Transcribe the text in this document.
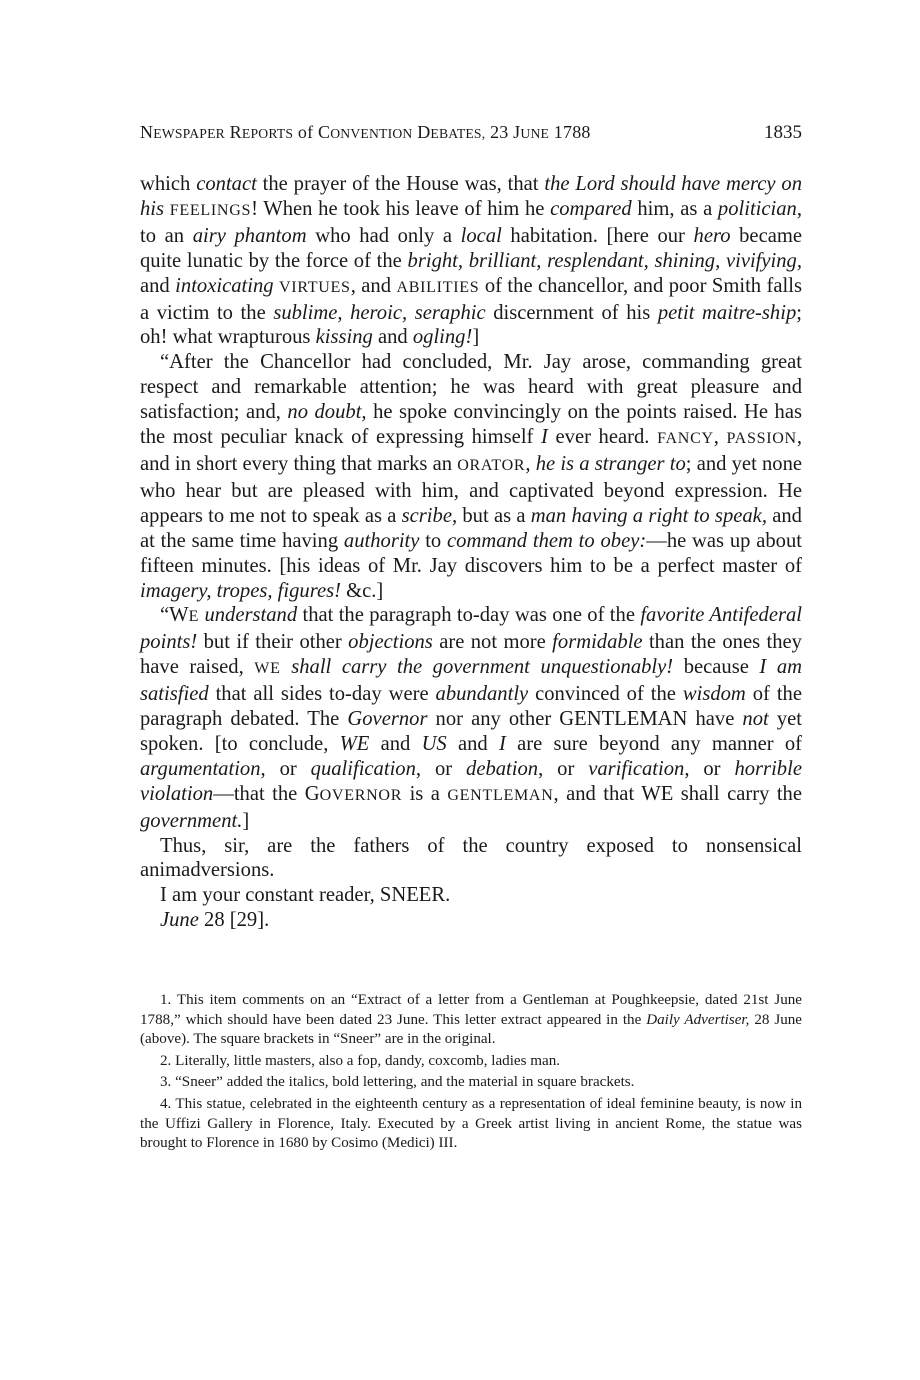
NEWSPAPER REPORTS of CONVENTION DEBATES, 23 JUNE 1788	1835

which contact the prayer of the House was, that the Lord should have mercy on his FEELINGS! When he took his leave of him he compared him, as a politician, to an airy phantom who had only a local habitation. [here our hero became quite lunatic by the force of the bright, brilliant, resplendant, shining, vivifying, and intoxicating VIRTUES, and ABILITIES of the chancellor, and poor Smith falls a victim to the sublime, heroic, seraphic discernment of his petit maitre-ship; oh! what wrapturous kissing and ogling!]

“After the Chancellor had concluded, Mr. Jay arose, commanding great respect and remarkable attention; he was heard with great pleasure and satisfaction; and, no doubt, he spoke convincingly on the points raised. He has the most peculiar knack of expressing himself I ever heard. FANCY, PASSION, and in short every thing that marks an ORATOR, he is a stranger to; and yet none who hear but are pleased with him, and captivated beyond expression. He appears to me not to speak as a scribe, but as a man having a right to speak, and at the same time having authority to command them to obey:—he was up about fifteen minutes. [his ideas of Mr. Jay discovers him to be a perfect master of imagery, tropes, figures! &c.]

“WE understand that the paragraph to-day was one of the favorite Antifederal points! but if their other objections are not more formidable than the ones they have raised, WE shall carry the government unquestionably! because I am satisfied that all sides to-day were abundantly convinced of the wisdom of the paragraph debated. The Governor nor any other GENTLEMAN have not yet spoken. [to conclude, WE and US and I are sure beyond any manner of argumentation, or qualification, or debation, or varification, or horrible violation—that the GOVERNOR is a GENTLEMAN, and that WE shall carry the government.]

Thus, sir, are the fathers of the country exposed to nonsensical animadversions.

I am your constant reader, SNEER.

June 28 [29].

1. This item comments on an “Extract of a letter from a Gentleman at Poughkeepsie, dated 21st June 1788,” which should have been dated 23 June. This letter extract appeared in the Daily Advertiser, 28 June (above). The square brackets in “Sneer” are in the original.

2. Literally, little masters, also a fop, dandy, coxcomb, ladies man.

3. “Sneer” added the italics, bold lettering, and the material in square brackets.

4. This statue, celebrated in the eighteenth century as a representation of ideal feminine beauty, is now in the Uffizi Gallery in Florence, Italy. Executed by a Greek artist living in ancient Rome, the statue was brought to Florence in 1680 by Cosimo (Medici) III.
